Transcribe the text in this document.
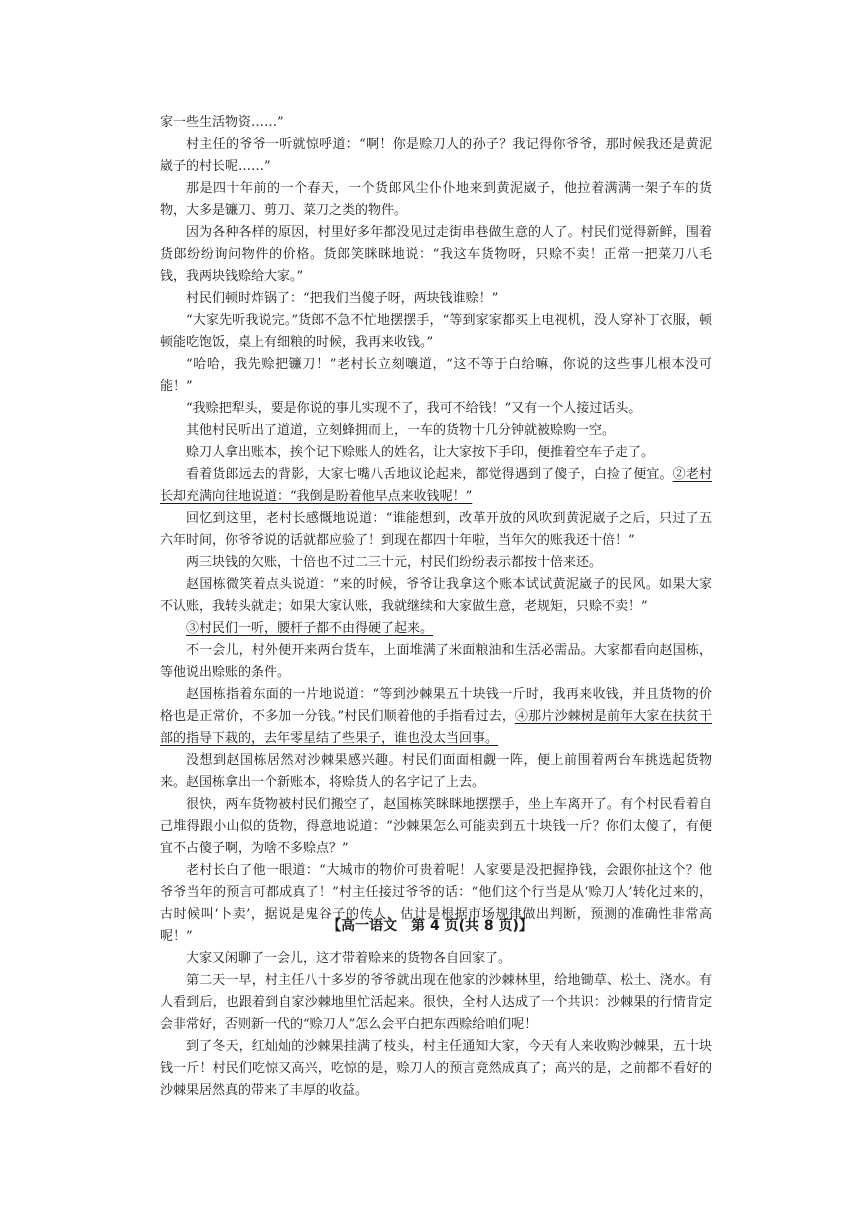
家一些生活物资……”

村主任的爷爷一听就惊呼道：“啊！你是赊刀人的孙子？我记得你爷爷，那时候我还是黄泥崴子的村长呢……”

那是四十年前的一个春天，一个货郎风尘仆仆地来到黄泥崴子，他拉着满满一架子车的货物，大多是镰刀、剪刀、菜刀之类的物件。

因为各种各样的原因，村里好多年都没见过走街串巷做生意的人了。村民们觉得新鲜，围着货郎纷纷询问物件的价格。货郎笑眯眯地说：“我这车货物呀，只赊不卖！正常一把菜刀八毛钱，我两块钱赊给大家。”

村民们顿时炸锅了：“把我们当傻子呀，两块钱谁赊！”

“大家先听我说完。”货郎不急不忙地摆摆手，“等到家家都买上电视机，没人穿补丁衣服，顿顿能吃饱饭，桌上有细粮的时候，我再来收钱。”

“哈哈，我先赊把镰刀！”老村长立刻嚷道，“这不等于白给嘛，你说的这些事儿根本没可能！”

“我赊把犁头，要是你说的事儿实现不了，我可不给钱！”又有一个人接过话头。

其他村民听出了道道，立刻蜂拥而上，一车的货物十几分钟就被赊购一空。

赊刀人拿出账本，挨个记下赊账人的姓名，让大家按下手印，便推着空车子走了。

看着货郎远去的背影，大家七嘴八舌地议论起来，都觉得遇到了傻子，白捡了便宜。②老村长却充满向往地说道：“我倒是盼着他早点来收钱呢！”

回忆到这里，老村长感慨地说道：“谁能想到，改革开放的风吹到黄泥崴子之后，只过了五六年时间，你爷爷说的话就都应验了！到现在都四十年啦，当年欠的账我还十倍！”

两三块钱的欠账，十倍也不过二三十元，村民们纷纷表示都按十倍来还。

赵国栋微笑着点头说道：“来的时候，爷爷让我拿这个账本试试黄泥崴子的民风。如果大家不认账，我转头就走；如果大家认账，我就继续和大家做生意，老规矩，只赊不卖！”

③村民们一听，腰杆子都不由得硬了起来。

不一会儿，村外便开来两台货车，上面堆满了米面粮油和生活必需品。大家都看向赵国栋，等他说出赊账的条件。

赵国栋指着东面的一片地说道：“等到沙棘果五十块钱一斤时，我再来收钱，并且货物的价格也是正常价，不多加一分钱。”村民们顺着他的手指看过去，④那片沙棘树是前年大家在扶贫干部的指导下栽的，去年零星结了些果子，谁也没太当回事。

没想到赵国栋居然对沙棘果感兴趣。村民们面面相觑一阵，便上前围着两台车挑选起货物来。赵国栋拿出一个新账本，将赊货人的名字记了上去。

很快，两车货物被村民们搬空了，赵国栋笑眯眯地摆摆手，坐上车离开了。有个村民看着自己堆得跟小山似的货物，得意地说道：“沙棘果怎么可能卖到五十块钱一斤？你们太傻了，有便宜不占傻子啊，为啥不多赊点？”

老村长白了他一眼道：“大城市的物价可贵着呢！人家要是没把握挣钱，会跟你扯这个？他爷爷当年的预言可都成真了！”村主任接过爷爷的话：“他们这个行当是从‘赊刀人’转化过来的，古时候叫‘卜卖’，据说是鬼谷子的传人，估计是根据市场规律做出判断，预测的准确性非常高呢！”

大家又闲聊了一会儿，这才带着赊来的货物各自回家了。

第二天一早，村主任八十多岁的爷爷就出现在他家的沙棘林里，给地锄草、松土、浇水。有人看到后，也跟着到自家沙棘地里忙活起来。很快，全村人达成了一个共识：沙棘果的行情肯定会非常好，否则新一代的“赊刀人”怎么会平白把东西赊给咱们呢！

到了冬天，红灿灿的沙棘果挂满了枝头，村主任通知大家，今天有人来收购沙棘果，五十块钱一斤！村民们吃惊又高兴，吃惊的是，赊刀人的预言竟然成真了；高兴的是，之前都不看好的沙棘果居然真的带来了丰厚的收益。

【高一语文　第 4 页(共 8 页)】
